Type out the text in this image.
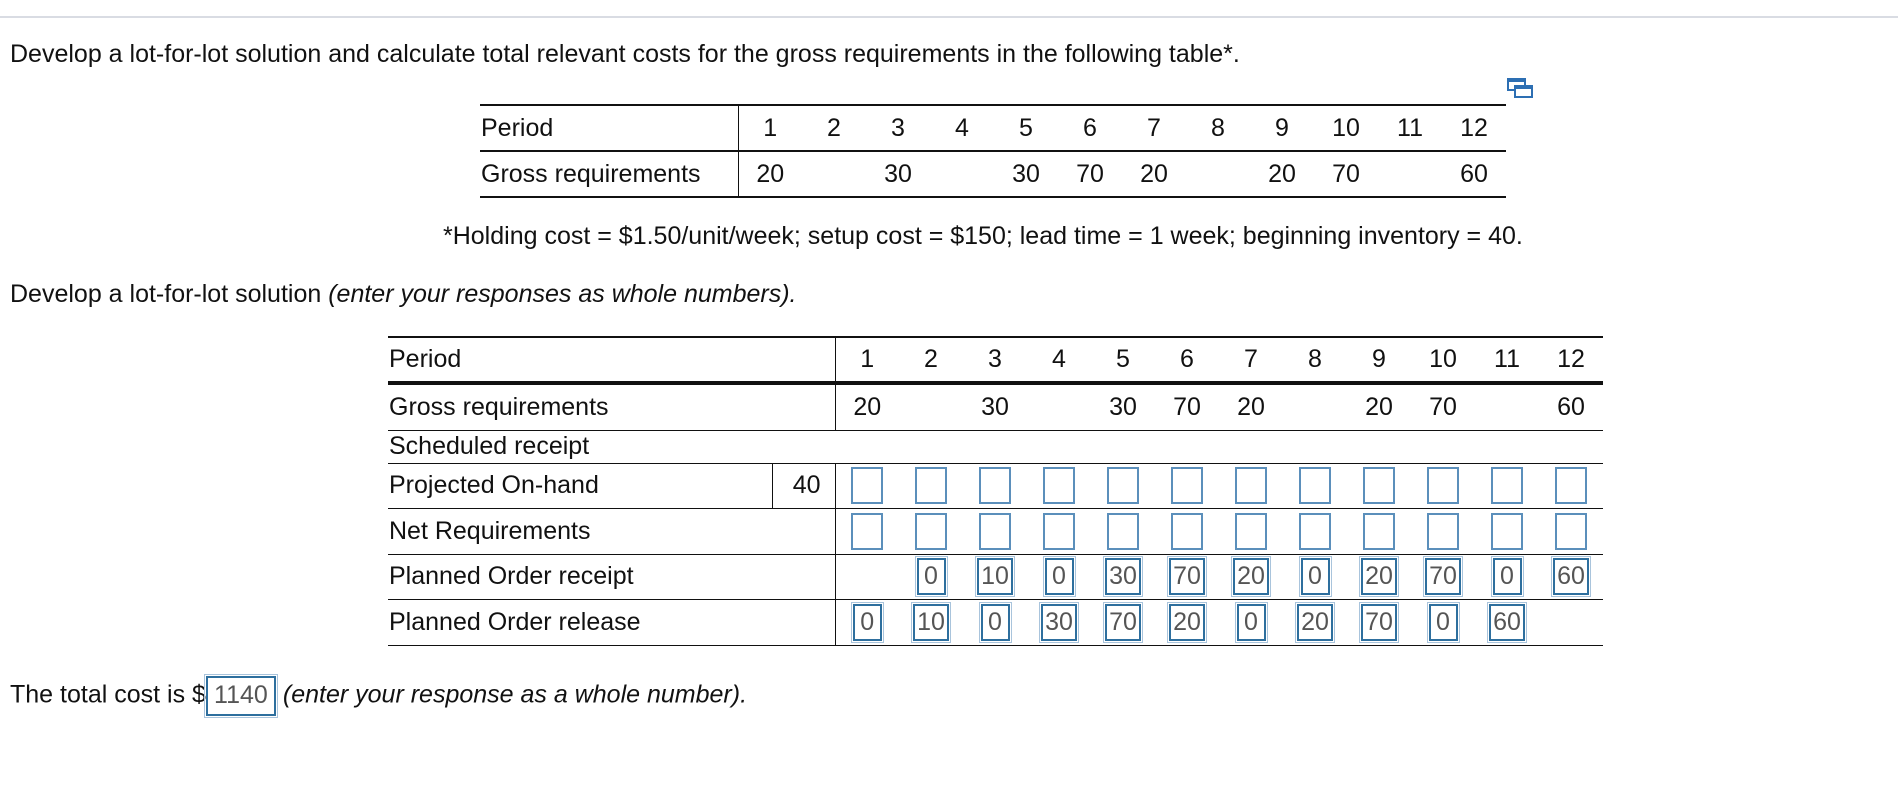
Develop a lot-for-lot solution and calculate total relevant costs for the gross requirements in the following table*.
Period	1	2	3	4	5	6	7	8	9	10	11	12
Gross requirements	20		30		30	70	20		20	70		60
*Holding cost = $1.50/unit/week; setup cost = $150; lead time = 1 week; beginning inventory = 40.
Develop a lot-for-lot solution (enter your responses as whole numbers).
Period		1	2	3	4	5	6	7	8	9	10	11	12
Gross requirements		20		30		30	70	20		20	70		60
Scheduled receipt													
Projected On-hand	40												
Net Requirements													
Planned Order receipt			0	10	0	30	70	20	0	20	70	0	60
Planned Order release		0	10	0	30	70	20	0	20	70	0	60	
The total cost is $ 1140 (enter your response as a whole number).
